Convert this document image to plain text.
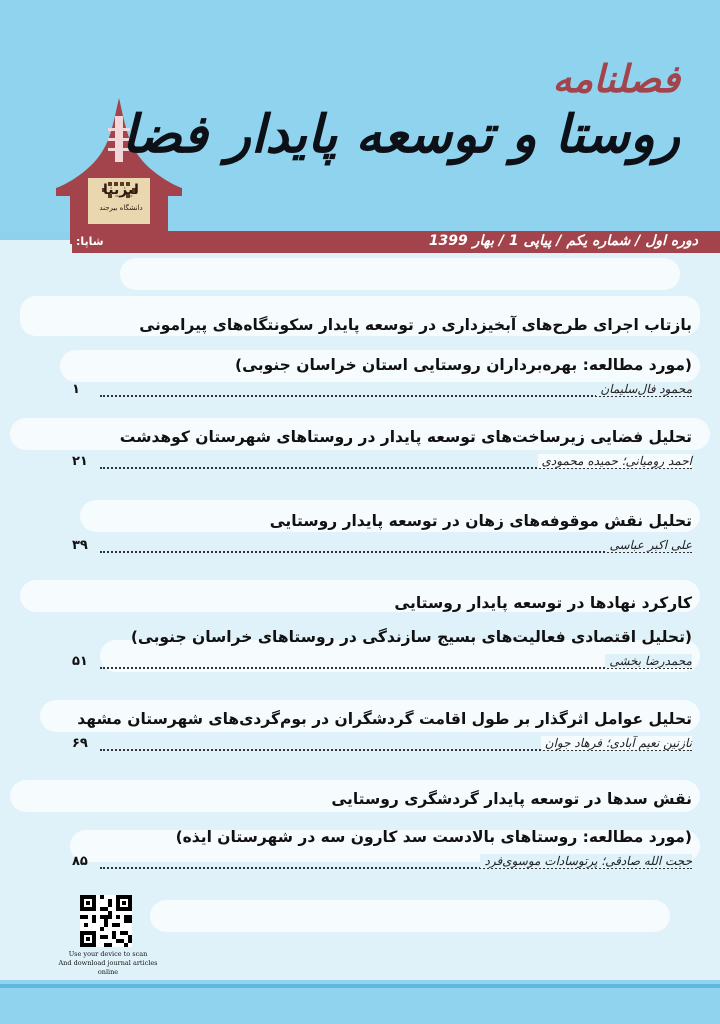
لیزینا
دانشگاه بیرجند
فصلنامه
روستا و توسعه پایدار فضا
دوره اول / شماره یکم / پیاپی 1 / بهار 1399
شاپا:
بازتاب اجرای طرح‌های آبخیزداری در توسعه پایدار سکونتگاه‌های پیرامونی
(مورد مطالعه: بهره‌برداران روستایی استان خراسان جنوبی)
محمود فال‌سلیمان
۱
تحلیل فضایی زیرساخت‌های توسعه پایدار در روستاهای شهرستان کوهدشت
احمد رومیانی؛ حمیده محمودی
۲۱
تحلیل نقش موقوفه‌های زهان در توسعه پایدار روستایی
علی اکبر عباسی
۳۹
کارکرد نهادها در توسعه پایدار روستایی
(تحلیل اقتصادی فعالیت‌های بسیج سازندگی در روستاهای خراسان جنوبی)
محمدرضا بخشی
۵۱
تحلیل عوامل اثرگذار بر طول اقامت گردشگران در بوم‌گردی‌های شهرستان مشهد
نازنین نعیم آبادی؛ فرهاد جوان
۶۹
نقش سدها در توسعه پایدار گردشگری روستایی
(مورد مطالعه: روستاهای بالادست سد کارون سه در شهرستان ایذه)
حجت الله صادقی؛ پرتوسادات موسوی‌فرد
۸۵
Use your device to scan
And download journal articles online
